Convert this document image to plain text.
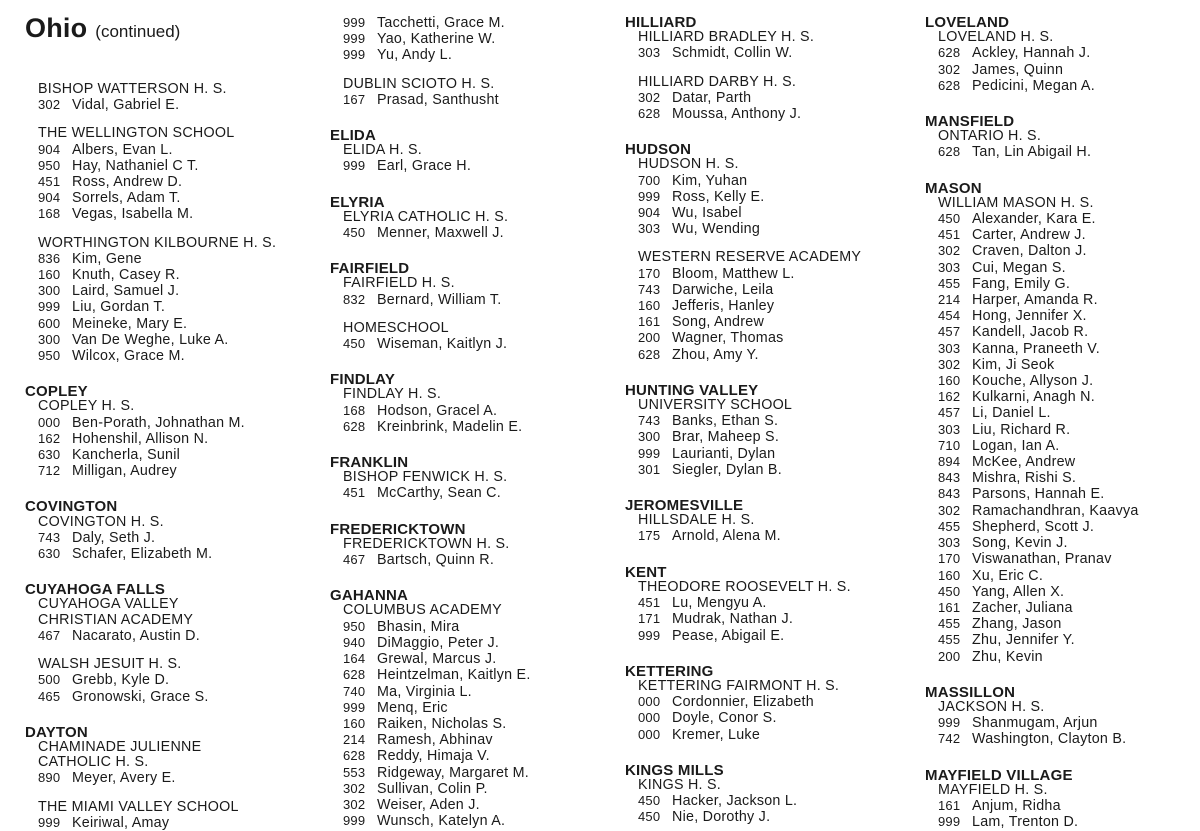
Ohio (continued)
BISHOP WATTERSON H. S.
302 Vidal, Gabriel E.
THE WELLINGTON SCHOOL
904 Albers, Evan L.
950 Hay, Nathaniel C T.
451 Ross, Andrew D.
904 Sorrels, Adam T.
168 Vegas, Isabella M.
WORTHINGTON KILBOURNE H. S.
836 Kim, Gene
160 Knuth, Casey R.
300 Laird, Samuel J.
999 Liu, Gordan T.
600 Meineke, Mary E.
300 Van De Weghe, Luke A.
950 Wilcox, Grace M.
COPLEY
COPLEY H. S.
000 Ben-Porath, Johnathan M.
162 Hohenshil, Allison N.
630 Kancherla, Sunil
712 Milligan, Audrey
COVINGTON
COVINGTON H. S.
743 Daly, Seth J.
630 Schafer, Elizabeth M.
CUYAHOGA FALLS
CUYAHOGA VALLEY
CHRISTIAN ACADEMY
467 Nacarato, Austin D.
WALSH JESUIT H. S.
500 Grebb, Kyle D.
465 Gronowski, Grace S.
DAYTON
CHAMINADE JULIENNE
CATHOLIC H. S.
890 Meyer, Avery E.
THE MIAMI VALLEY SCHOOL
999 Keiriwal, Amay
999 Tacchetti, Grace M.
999 Yao, Katherine W.
999 Yu, Andy L.
DUBLIN SCIOTO H. S.
167 Prasad, Santhusht
ELIDA
ELIDA H. S.
999 Earl, Grace H.
ELYRIA
ELYRIA CATHOLIC H. S.
450 Menner, Maxwell J.
FAIRFIELD
FAIRFIELD H. S.
832 Bernard, William T.
HOMESCHOOL
450 Wiseman, Kaitlyn J.
FINDLAY
FINDLAY H. S.
168 Hodson, Gracel A.
628 Kreinbrink, Madelin E.
FRANKLIN
BISHOP FENWICK H. S.
451 McCarthy, Sean C.
FREDERICKTOWN
FREDERICKTOWN H. S.
467 Bartsch, Quinn R.
GAHANNA
COLUMBUS ACADEMY
950 Bhasin, Mira
940 DiMaggio, Peter J.
164 Grewal, Marcus J.
628 Heintzelman, Kaitlyn E.
740 Ma, Virginia L.
999 Menq, Eric
160 Raiken, Nicholas S.
214 Ramesh, Abhinav
628 Reddy, Himaja V.
553 Ridgeway, Margaret M.
302 Sullivan, Colin P.
302 Weiser, Aden J.
999 Wunsch, Katelyn A.
HILLIARD
HILLIARD BRADLEY H. S.
303 Schmidt, Collin W.
HILLIARD DARBY H. S.
302 Datar, Parth
628 Moussa, Anthony J.
HUDSON
HUDSON H. S.
700 Kim, Yuhan
999 Ross, Kelly E.
904 Wu, Isabel
303 Wu, Wending
WESTERN RESERVE ACADEMY
170 Bloom, Matthew L.
743 Darwiche, Leila
160 Jefferis, Hanley
161 Song, Andrew
200 Wagner, Thomas
628 Zhou, Amy Y.
HUNTING VALLEY
UNIVERSITY SCHOOL
743 Banks, Ethan S.
300 Brar, Maheep S.
999 Laurianti, Dylan
301 Siegler, Dylan B.
JEROMESVILLE
HILLSDALE H. S.
175 Arnold, Alena M.
KENT
THEODORE ROOSEVELT H. S.
451 Lu, Mengyu A.
171 Mudrak, Nathan J.
999 Pease, Abigail E.
KETTERING
KETTERING FAIRMONT H. S.
000 Cordonnier, Elizabeth
000 Doyle, Conor S.
000 Kremer, Luke
KINGS MILLS
KINGS H. S.
450 Hacker, Jackson L.
450 Nie, Dorothy J.
LOVELAND
LOVELAND H. S.
628 Ackley, Hannah J.
302 James, Quinn
628 Pedicini, Megan A.
MANSFIELD
ONTARIO H. S.
628 Tan, Lin Abigail H.
MASON
WILLIAM MASON H. S.
450 Alexander, Kara E.
451 Carter, Andrew J.
302 Craven, Dalton J.
303 Cui, Megan S.
455 Fang, Emily G.
214 Harper, Amanda R.
454 Hong, Jennifer X.
457 Kandell, Jacob R.
303 Kanna, Praneeth V.
302 Kim, Ji Seok
160 Kouche, Allyson J.
162 Kulkarni, Anagh N.
457 Li, Daniel L.
303 Liu, Richard R.
710 Logan, Ian A.
894 McKee, Andrew
843 Mishra, Rishi S.
843 Parsons, Hannah E.
302 Ramachandhran, Kaavya
455 Shepherd, Scott J.
303 Song, Kevin J.
170 Viswanathan, Pranav
160 Xu, Eric C.
450 Yang, Allen X.
161 Zacher, Juliana
455 Zhang, Jason
455 Zhu, Jennifer Y.
200 Zhu, Kevin
MASSILLON
JACKSON H. S.
999 Shanmugam, Arjun
742 Washington, Clayton B.
MAYFIELD VILLAGE
MAYFIELD H. S.
161 Anjum, Ridha
999 Lam, Trenton D.
